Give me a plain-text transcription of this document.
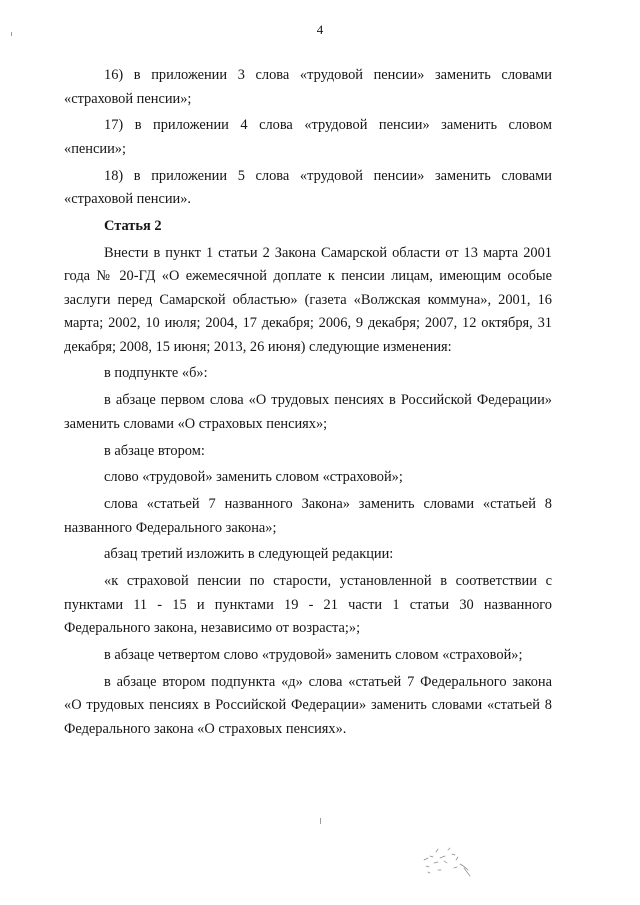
4

16) в приложении 3 слова «трудовой пенсии» заменить словами «страховой пенсии»;

17) в приложении 4 слова «трудовой пенсии» заменить словом «пенсии»;

18) в приложении 5 слова «трудовой пенсии» заменить словами «страховой пенсии».

Статья 2

Внести в пункт 1 статьи 2 Закона Самарской области от 13 марта 2001 года № 20-ГД «О ежемесячной доплате к пенсии лицам, имеющим особые заслуги перед Самарской областью» (газета «Волжская коммуна», 2001, 16 марта; 2002, 10 июля; 2004, 17 декабря; 2006, 9 декабря; 2007, 12 октября, 31 декабря; 2008, 15 июня; 2013, 26 июня) следующие изменения:

в подпункте «б»:

в абзаце первом слова «О трудовых пенсиях в Российской Федерации» заменить словами «О страховых пенсиях»;

в абзаце втором:

слово «трудовой» заменить словом «страховой»;

слова «статьей 7 названного Закона» заменить словами «статьей 8 названного Федерального закона»;

абзац третий изложить в следующей редакции:

«к страховой пенсии по старости, установленной в соответствии с пунктами 11 - 15 и пунктами 19 - 21 части 1 статьи 30 названного Федерального закона, независимо от возраста;»;

в абзаце четвертом слово «трудовой» заменить словом «страховой»;

в абзаце втором подпункта «д» слова «статьей 7 Федерального закона «О трудовых пенсиях в Российской Федерации» заменить словами «статьей 8 Федерального закона «О страховых пенсиях».
